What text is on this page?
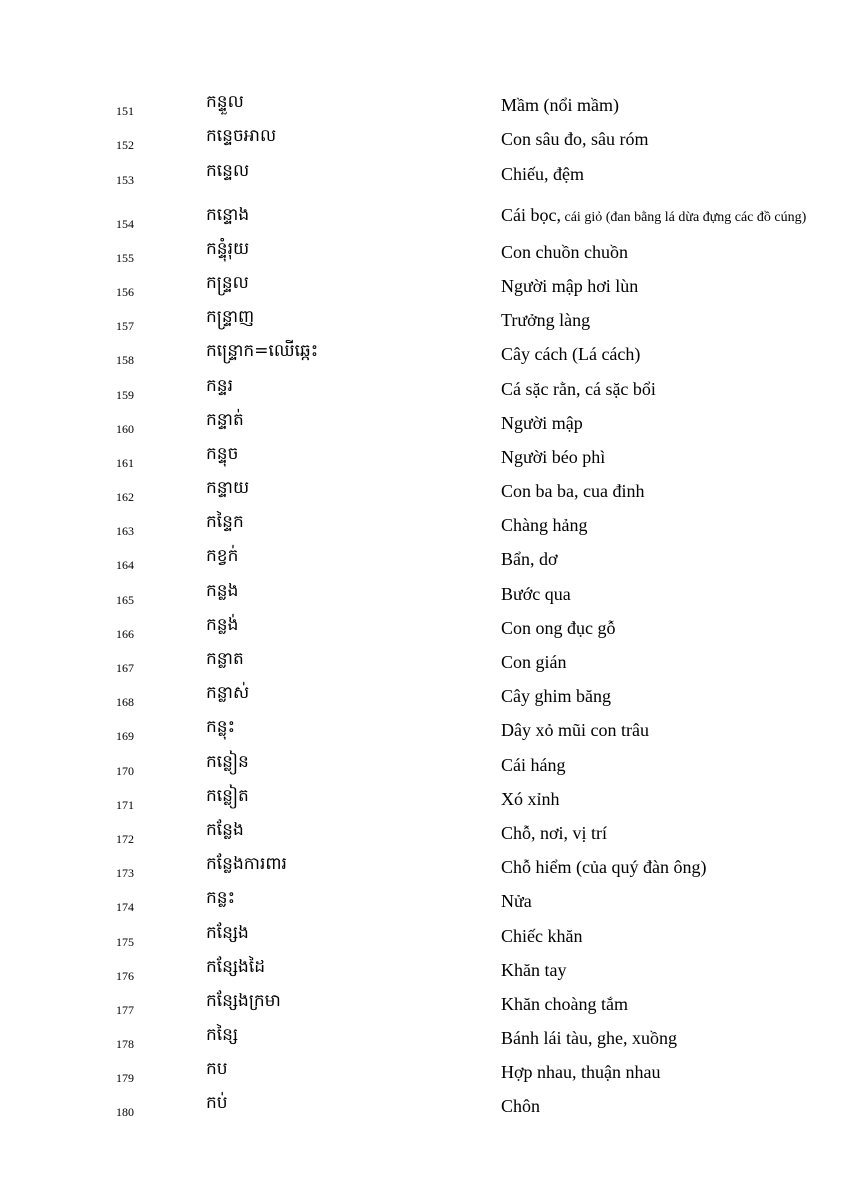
151	កន្ទួល	Mầm (nổi mầm)
152	កន្ទេចអាល	Con sâu đo, sâu róm
153	កន្ទេល	Chiếu, đệm
154	កន្ទោង	Cái bọc, cái giỏ (đan bằng lá dừa đựng các đồ cúng)
155	កន្ទុំរុយ	Con chuồn chuồn
156	កន្ទ្រល	Người mập hơi lùn
157	កន្ទ្រាញ	Trưởng làng
158	កន្ទ្រោក=ឈើឆ្កេះ	Cây cách (Lá cách)
159	កន្ទរ	Cá sặc rằn, cá sặc bổi
160	កន្ទាត់	Người mập
161	កន្ទុច	Người béo phì
162	កន្ទាយ	Con ba ba, cua đinh
163	កន្ទៃក	Chàng hảng
164	កខ្វក់	Bẩn, dơ
165	កន្លង	Bước qua
166	កន្លង់	Con ong đục gỗ
167	កន្លាត	Con gián
168	កន្លាស់	Cây ghim băng
169	កន្លុះ	Dây xỏ mũi con trâu
170	កន្លៀន	Cái háng
171	កន្លៀត	Xó xỉnh
172	កន្លែង	Chỗ, nơi, vị trí
173	កន្លែងការពារ	Chỗ hiểm (của quý đàn ông)
174	កន្លះ	Nửa
175	កន្សែង	Chiếc khăn
176	កន្សែងដៃ	Khăn tay
177	កន្សែងក្រមា	Khăn choàng tắm
178	កន្សៃ	Bánh lái tàu, ghe, xuồng
179	កប	Hợp nhau, thuận nhau
180	កប់	Chôn
